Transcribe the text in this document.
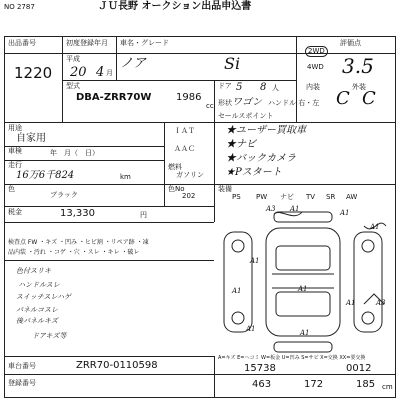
NO 2787	ＪＵ長野 オークション出品申込書
出品番号
1220
初度登録年月
平成
20 4 月
車名・グレード
ノア	Si
2WD
4WD
評価点
3.5
型式
DBA-ZRR70W 1986
cc
ドア 5 8 人
形状 ワゴン ハンドル 右・左
内装
C
外装
C
用途
自家用
車検	年　月（　日）
走行
16万6千824	km
ＩＡＴ
ＡＡＣ
燃料
ガソリン
色
ブラック
色No
202
税金	13,330	円
セールスポイント
★ユーザー買取車
★ナビ
★バックカメラ
★Pスタート
装備
PS PW ナビ TV SR AW
検査点 FW ・キズ ・凹み ・ヒビ割 ・リペア跡 ・凍
品内装 ・汚れ ・コゲ ・穴 ・スレ ・キレ ・破レ
色付スリキ
ハンドルスレ
スイッチスレハゲ
パネルコスレ
後パネルキズ
ドアキズ等
A3 A1	A1
A1
A3
A1
A1
A1
A1	A1
A1
A=キズ E=ヘコミ W=板金 U=凹み S=サビ X=交換 XX=要交換
車台番号	ZRR70-0110598
登録番号
15738	0012
463	172	185 cm
